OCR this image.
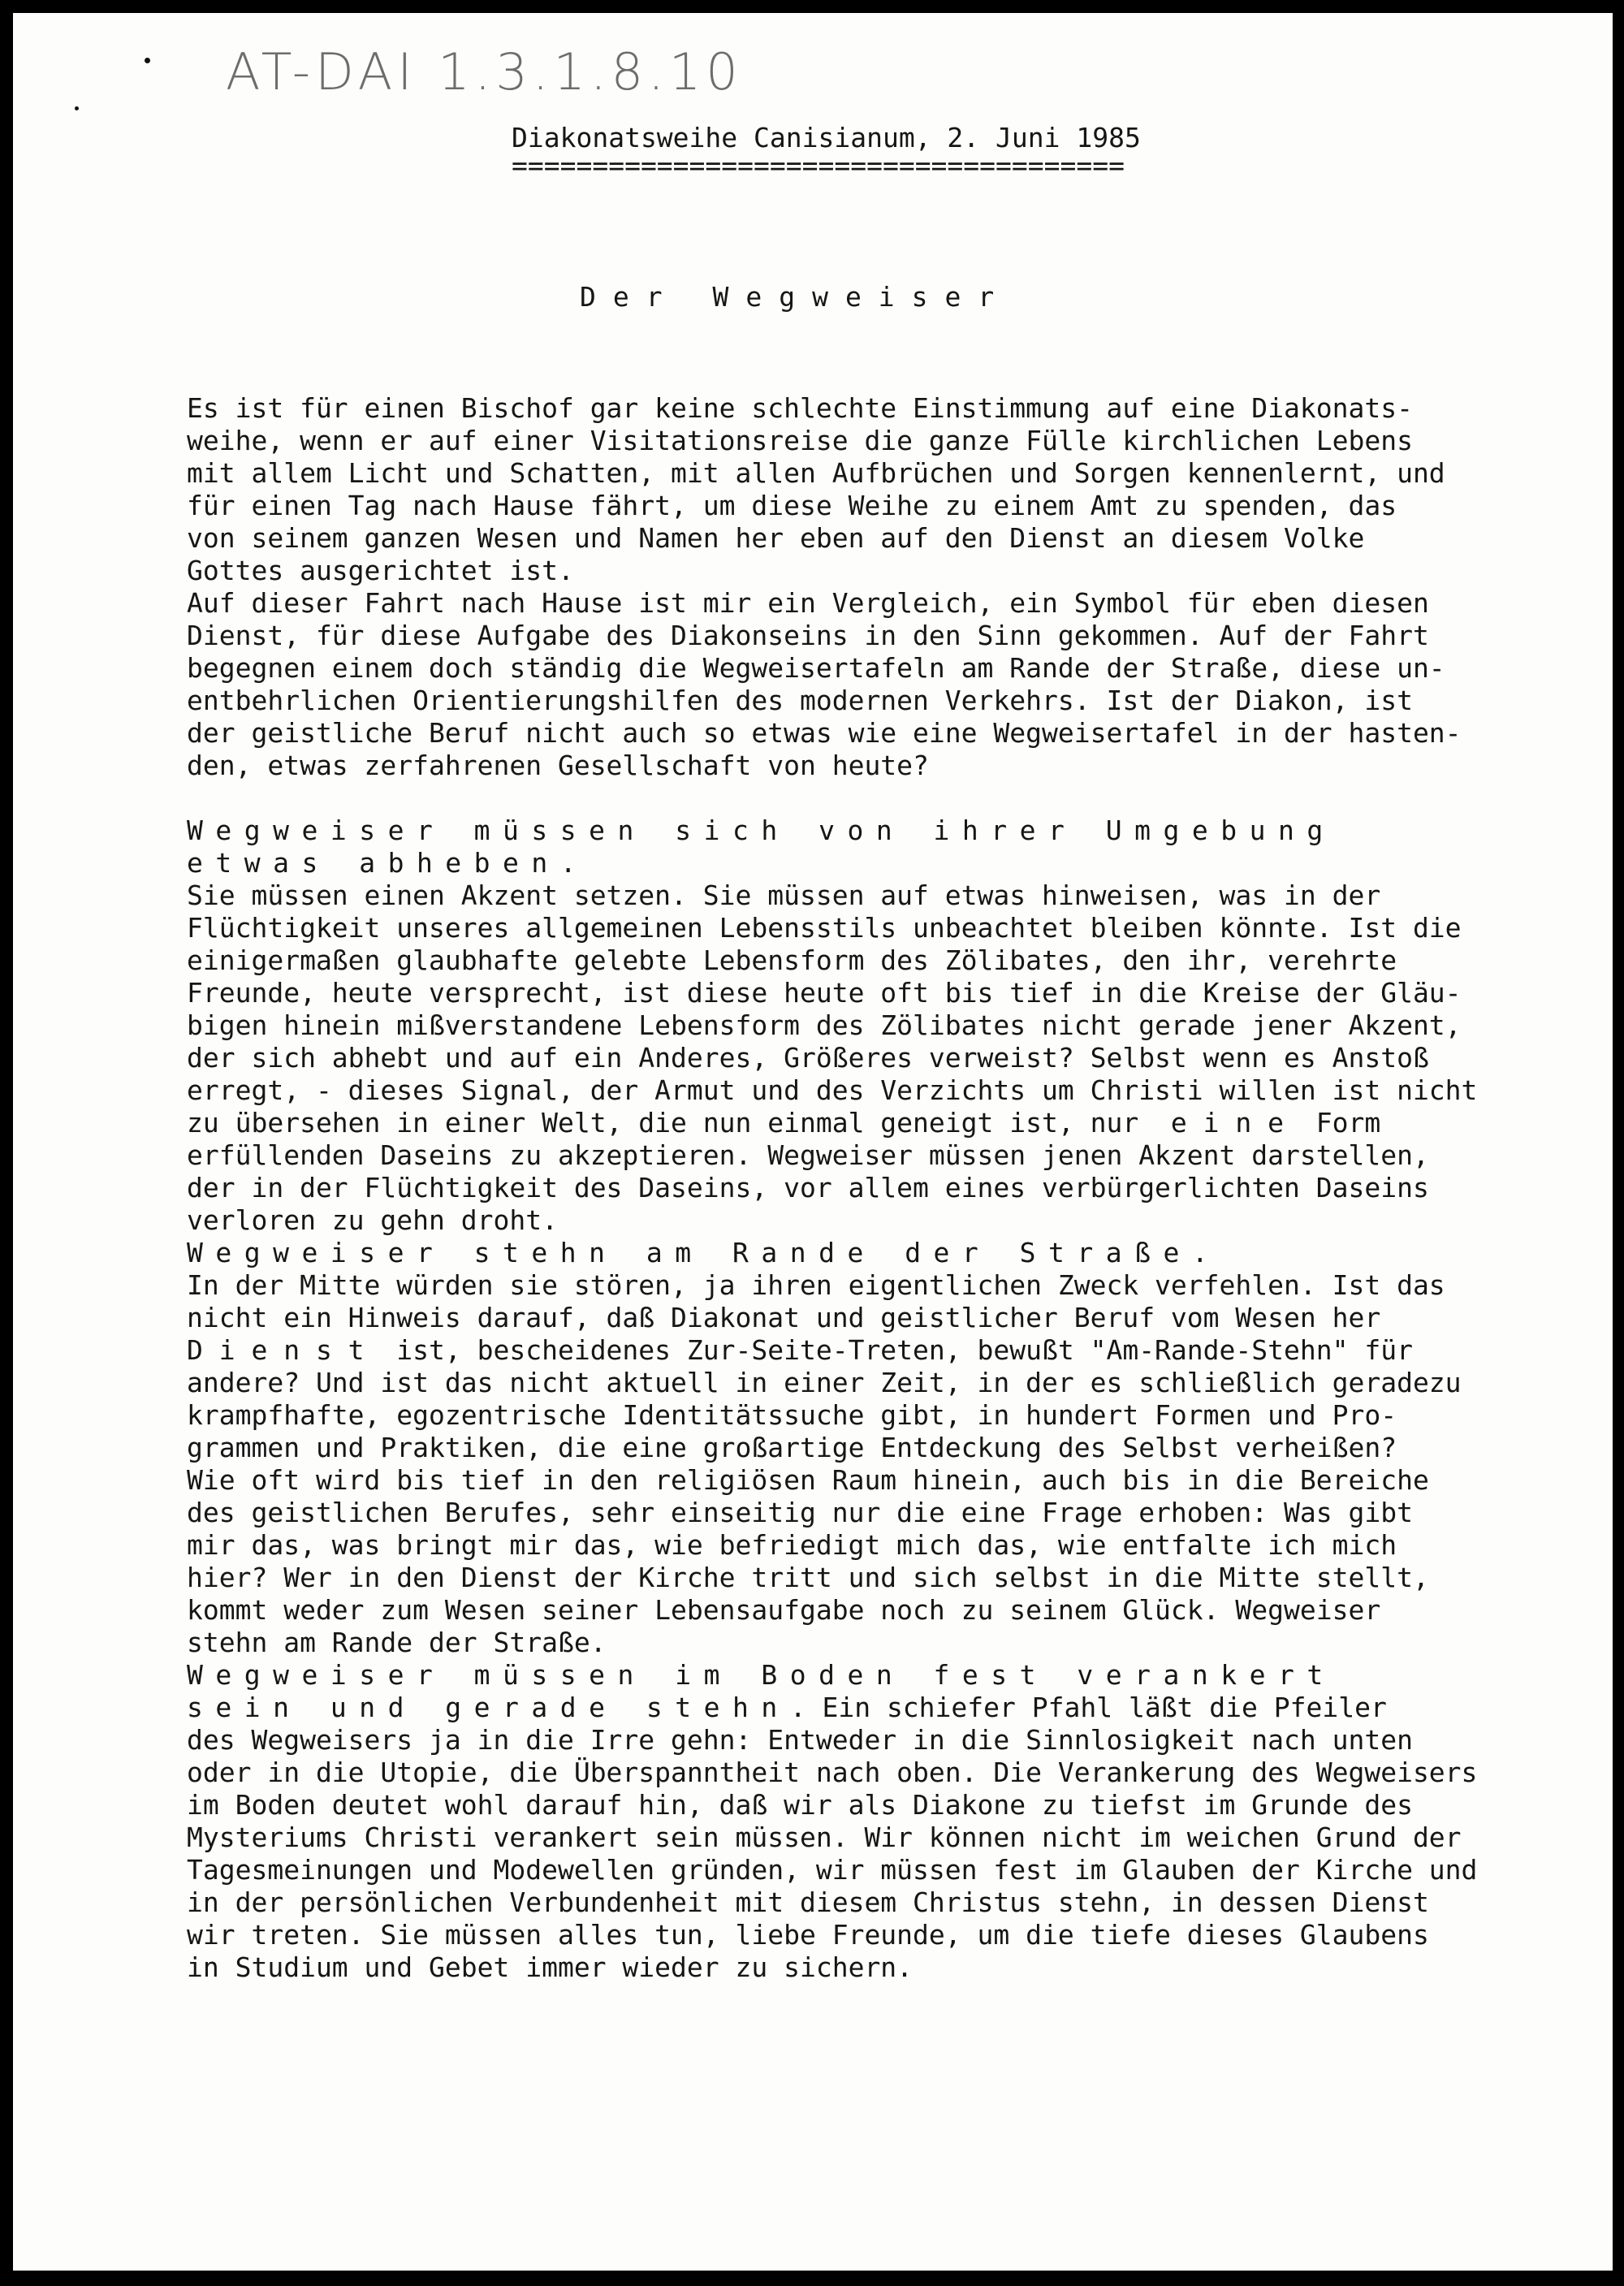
AT-DAI 1.3.1.8.10
Diakonatsweihe Canisianum, 2. Juni 1985
======================================
Der Wegweiser
Es ist für einen Bischof gar keine schlechte Einstimmung auf eine Diakonats-
weihe, wenn er auf einer Visitationsreise die ganze Fülle kirchlichen Lebens
mit allem Licht und Schatten, mit allen Aufbrüchen und Sorgen kennenlernt, und
für einen Tag nach Hause fährt, um diese Weihe zu einem Amt zu spenden, das
von seinem ganzen Wesen und Namen her eben auf den Dienst an diesem Volke
Gottes ausgerichtet ist.
Auf dieser Fahrt nach Hause ist mir ein Vergleich, ein Symbol für eben diesen
Dienst, für diese Aufgabe des Diakonseins in den Sinn gekommen. Auf der Fahrt
begegnen einem doch ständig die Wegweisertafeln am Rande der Straße, diese un-
entbehrlichen Orientierungshilfen des modernen Verkehrs. Ist der Diakon, ist
der geistliche Beruf nicht auch so etwas wie eine Wegweisertafel in der hasten-
den, etwas zerfahrenen Gesellschaft von heute?
Wegweiser müssen sich von ihrer Umgebung
etwas abheben.
Sie müssen einen Akzent setzen. Sie müssen auf etwas hinweisen, was in der
Flüchtigkeit unseres allgemeinen Lebensstils unbeachtet bleiben könnte. Ist die
einigermaßen glaubhafte gelebte Lebensform des Zölibates, den ihr, verehrte
Freunde, heute versprecht, ist diese heute oft bis tief in die Kreise der Gläu-
bigen hinein mißverstandene Lebensform des Zölibates nicht gerade jener Akzent,
der sich abhebt und auf ein Anderes, Größeres verweist? Selbst wenn es Anstoß
erregt, - dieses Signal, der Armut und des Verzichts um Christi willen ist nicht
zu übersehen in einer Welt, die nun einmal geneigt ist, nur  e i n e  Form
erfüllenden Daseins zu akzeptieren. Wegweiser müssen jenen Akzent darstellen,
der in der Flüchtigkeit des Daseins, vor allem eines verbürgerlichten Daseins
verloren zu gehn droht.
Wegweiser stehn am Rande der Straße.
In der Mitte würden sie stören, ja ihren eigentlichen Zweck verfehlen. Ist das
nicht ein Hinweis darauf, daß Diakonat und geistlicher Beruf vom Wesen her
D i e n s t  ist, bescheidenes Zur-Seite-Treten, bewußt "Am-Rande-Stehn" für
andere? Und ist das nicht aktuell in einer Zeit, in der es schließlich geradezu
krampfhafte, egozentrische Identitätssuche gibt, in hundert Formen und Pro-
grammen und Praktiken, die eine großartige Entdeckung des Selbst verheißen?
Wie oft wird bis tief in den religiösen Raum hinein, auch bis in die Bereiche
des geistlichen Berufes, sehr einseitig nur die eine Frage erhoben: Was gibt
mir das, was bringt mir das, wie befriedigt mich das, wie entfalte ich mich
hier? Wer in den Dienst der Kirche tritt und sich selbst in die Mitte stellt,
kommt weder zum Wesen seiner Lebensaufgabe noch zu seinem Glück. Wegweiser
stehn am Rande der Straße.
Wegweiser müssen im Boden fest verankert
sein und gerade stehn. Ein schiefer Pfahl läßt die Pfeiler
des Wegweisers ja in die Irre gehn: Entweder in die Sinnlosigkeit nach unten
oder in die Utopie, die Überspanntheit nach oben. Die Verankerung des Wegweisers
im Boden deutet wohl darauf hin, daß wir als Diakone zu tiefst im Grunde des
Mysteriums Christi verankert sein müssen. Wir können nicht im weichen Grund der
Tagesmeinungen und Modewellen gründen, wir müssen fest im Glauben der Kirche und
in der persönlichen Verbundenheit mit diesem Christus stehn, in dessen Dienst
wir treten. Sie müssen alles tun, liebe Freunde, um die tiefe dieses Glaubens
in Studium und Gebet immer wieder zu sichern.
